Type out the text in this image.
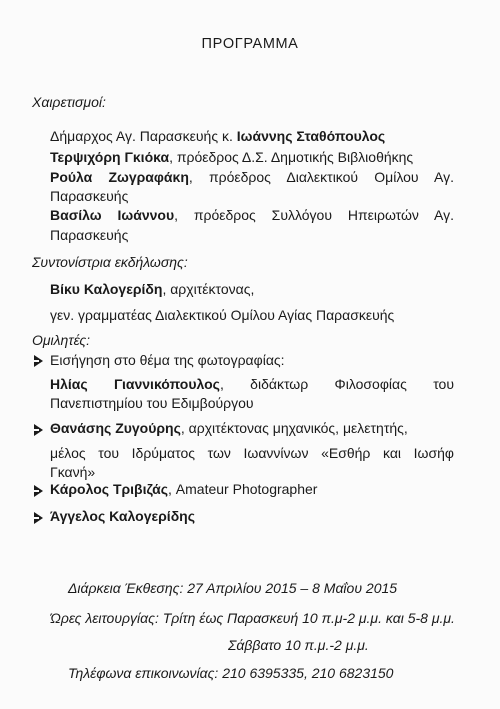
ΠΡΟΓΡΑΜΜΑ
Χαιρετισμοί:
Δήμαρχος Αγ. Παρασκευής κ. Ιωάννης Σταθόπουλος
Τερψιχόρη Γκιόκα, πρόεδρος Δ.Σ. Δημοτικής Βιβλιοθήκης
Ρούλα Ζωγραφάκη, πρόεδρος Διαλεκτικού Ομίλου Αγ.
Παρασκευής
Βασίλω Ιωάννου, πρόεδρος Συλλόγου Ηπειρωτών Αγ.
Παρασκευής
Συντονίστρια εκδήλωσης:
Βίκυ Καλογερίδη, αρχιτέκτονας,
γεν. γραμματέας Διαλεκτικού Ομίλου Αγίας Παρασκευής
Ομιλητές:
Εισήγηση στο θέμα της φωτογραφίας:
Ηλίας Γιαννικόπουλος, διδάκτωρ Φιλοσοφίας του
Πανεπιστημίου του Εδιμβούργου
Θανάσης Ζυγούρης, αρχιτέκτονας μηχανικός, μελετητής,
μέλος του Ιδρύματος των Ιωαννίνων «Εσθήρ και Ιωσήφ
Γκανή»
Κάρολος Τριβιζάς, Amateur Photographer
Άγγελος Καλογερίδης
Διάρκεια Έκθεσης: 27 Απριλίου 2015 – 8 Μαΐου 2015
Ώρες λειτουργίας: Τρίτη έως Παρασκευή 10 π.μ-2 μ.μ. και 5-8 μ.μ.
Σάββατο 10 π.μ.-2 μ.μ.
Τηλέφωνα επικοινωνίας: 210 6395335, 210 6823150
